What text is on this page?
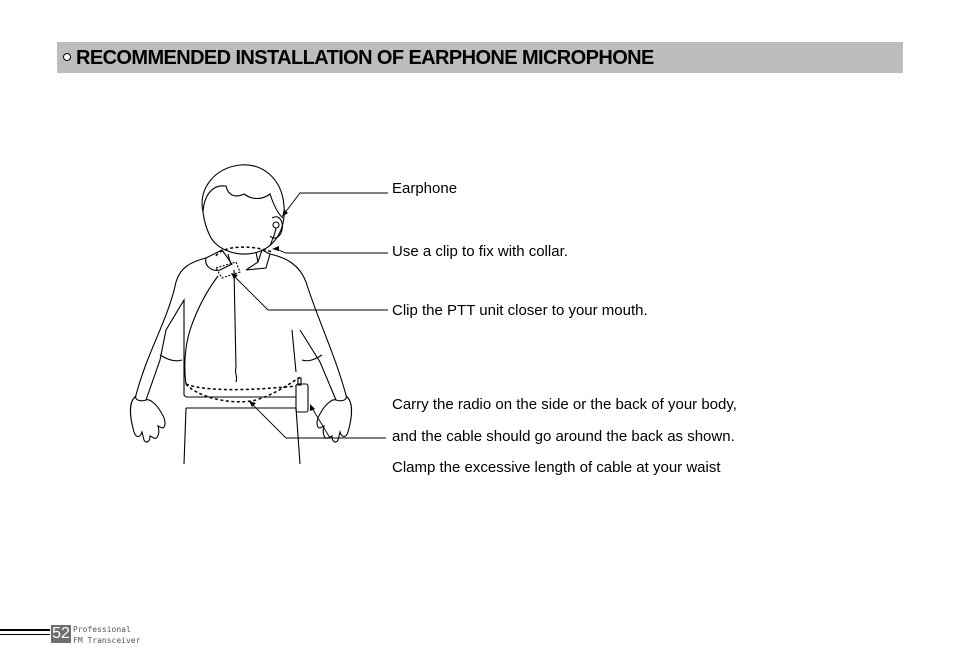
RECOMMENDED INSTALLATION OF EARPHONE MICROPHONE
Earphone
Use a clip to fix with collar.
Clip the PTT unit closer to your mouth.
Carry the radio on the side or the back of your body,
and the cable should go around the back as shown.
Clamp the excessive length of cable at your waist
52 Professional
FM Transceiver
